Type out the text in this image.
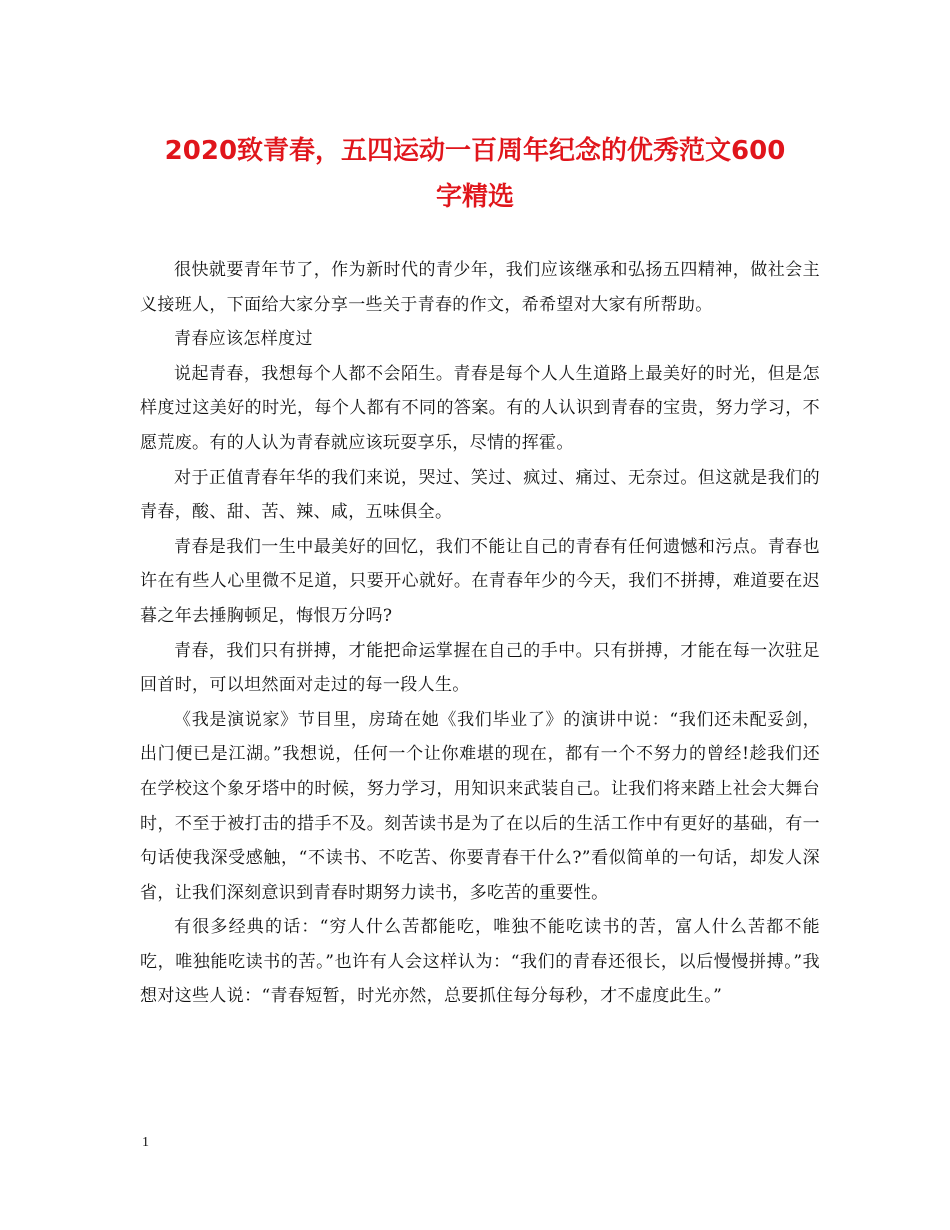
2020致青春，五四运动一百周年纪念的优秀范文600
字精选

很快就要青年节了，作为新时代的青少年，我们应该继承和弘扬五四精神，做社会主义接班人，下面给大家分享一些关于青春的作文，希希望对大家有所帮助。

青春应该怎样度过

说起青春，我想每个人都不会陌生。青春是每个人人生道路上最美好的时光，但是怎样度过这美好的时光，每个人都有不同的答案。有的人认识到青春的宝贵，努力学习，不愿荒废。有的人认为青春就应该玩耍享乐，尽情的挥霍。

对于正值青春年华的我们来说，哭过、笑过、疯过、痛过、无奈过。但这就是我们的青春，酸、甜、苦、辣、咸，五味俱全。

青春是我们一生中最美好的回忆，我们不能让自己的青春有任何遗憾和污点。青春也许在有些人心里微不足道，只要开心就好。在青春年少的今天，我们不拼搏，难道要在迟暮之年去捶胸顿足，悔恨万分吗?

青春，我们只有拼搏，才能把命运掌握在自己的手中。只有拼搏，才能在每一次驻足回首时，可以坦然面对走过的每一段人生。

《我是演说家》节目里，房琦在她《我们毕业了》的演讲中说：“我们还未配妥剑，出门便已是江湖。”我想说，任何一个让你难堪的现在，都有一个不努力的曾经!趁我们还在学校这个象牙塔中的时候，努力学习，用知识来武装自己。让我们将来踏上社会大舞台时，不至于被打击的措手不及。刻苦读书是为了在以后的生活工作中有更好的基础，有一句话使我深受感触，“不读书、不吃苦、你要青春干什么?”看似简单的一句话，却发人深省，让我们深刻意识到青春时期努力读书，多吃苦的重要性。

有很多经典的话：“穷人什么苦都能吃，唯独不能吃读书的苦，富人什么苦都不能吃，唯独能吃读书的苦。”也许有人会这样认为：“我们的青春还很长，以后慢慢拼搏。”我想对这些人说：“青春短暂，时光亦然，总要抓住每分每秒，才不虚度此生。”

1
